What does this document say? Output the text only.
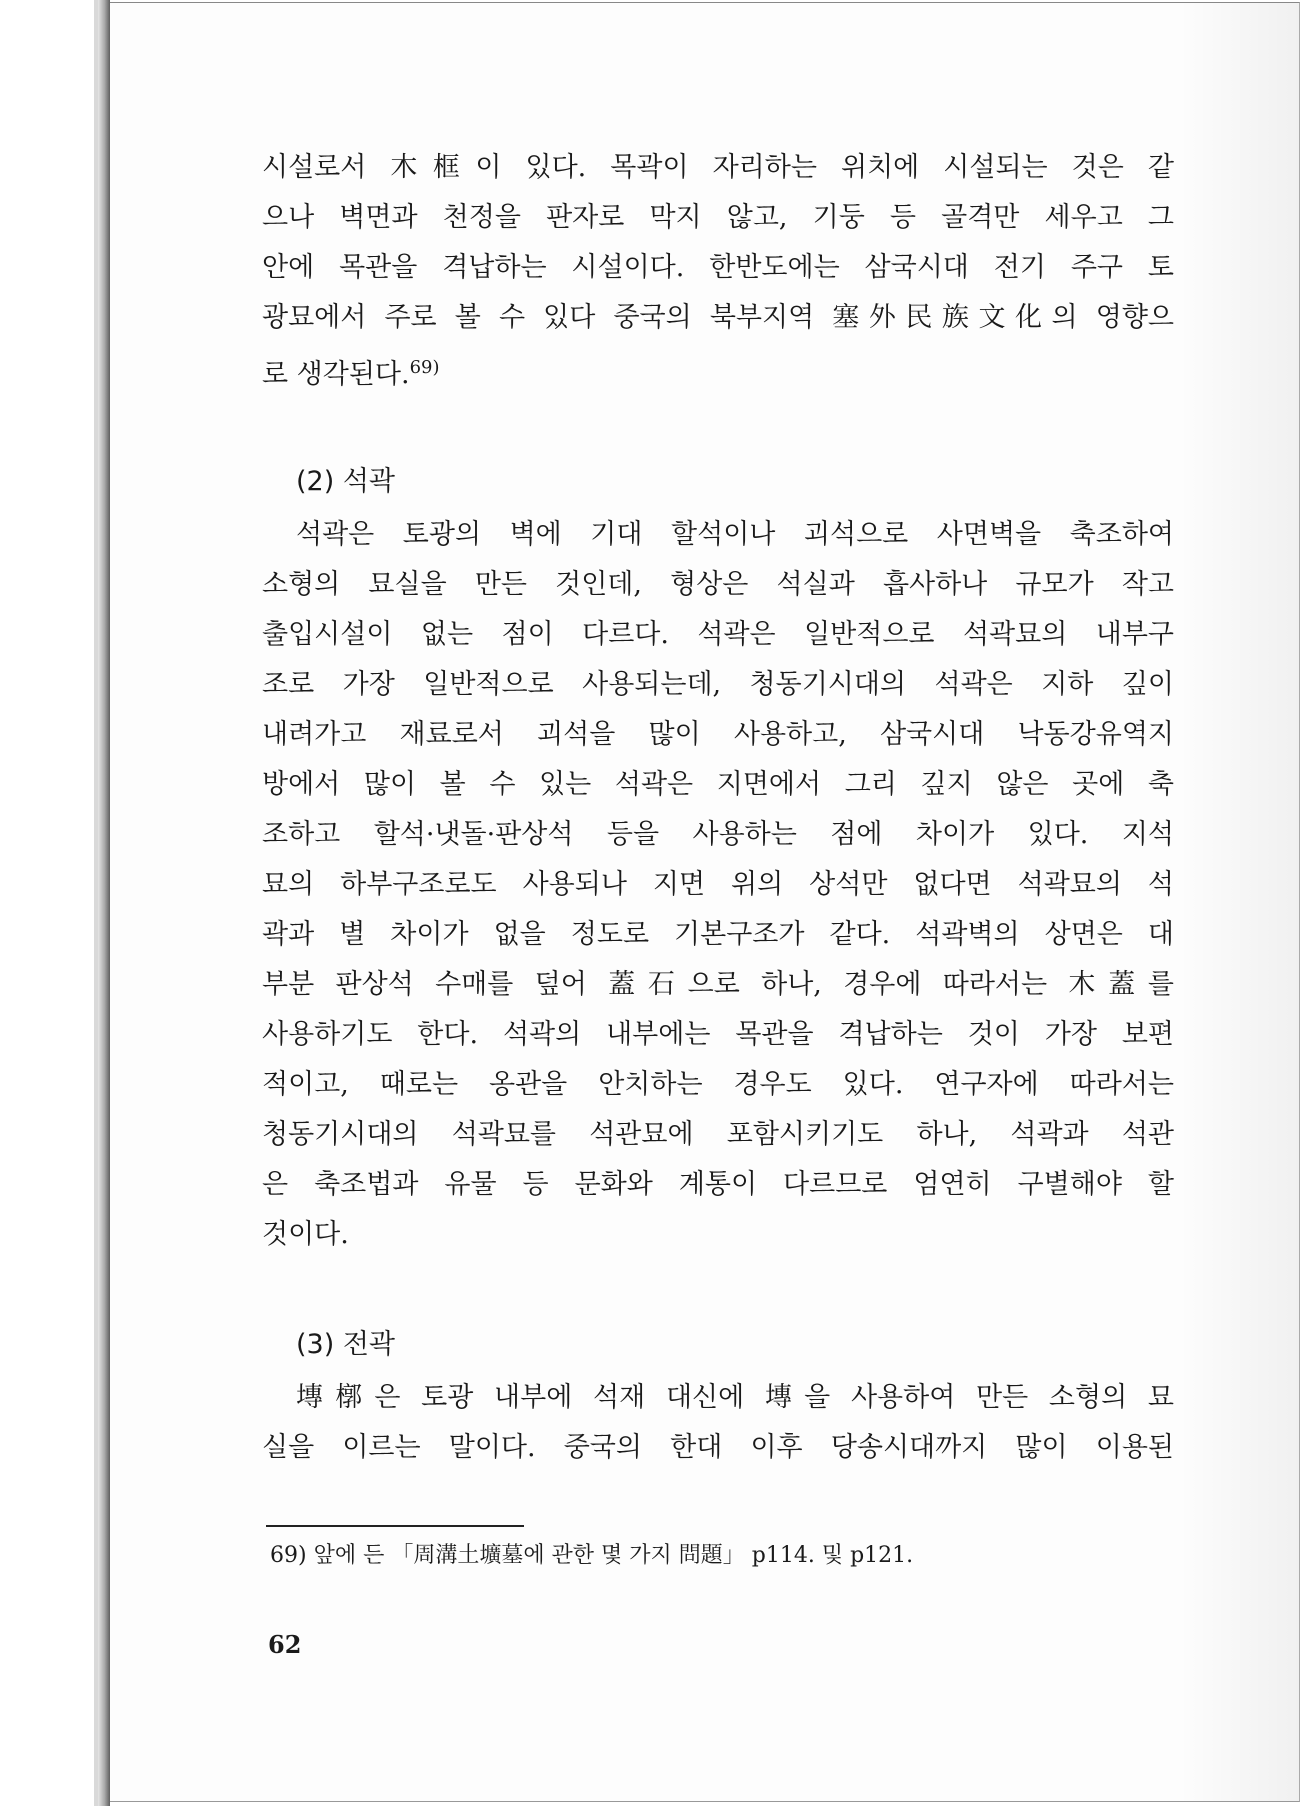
시설로서 木框이 있다. 목곽이 자리하는 위치에 시설되는 것은 같

으나 벽면과 천정을 판자로 막지 않고, 기둥 등 골격만 세우고 그

안에 목관을 격납하는 시설이다. 한반도에는 삼국시대 전기 주구 토

광묘에서 주로 볼 수 있다 중국의 북부지역 塞外民族文化의 영향으

로 생각된다.$^{69)}$

(2) 석곽

석곽은 토광의 벽에 기대 할석이나 괴석으로 사면벽을 축조하여

소형의 묘실을 만든 것인데, 형상은 석실과 흡사하나 규모가 작고

출입시설이 없는 점이 다르다. 석곽은 일반적으로 석곽묘의 내부구

조로 가장 일반적으로 사용되는데, 청동기시대의 석곽은 지하 깊이

내려가고 재료로서 괴석을 많이 사용하고, 삼국시대 낙동강유역지

방에서 많이 볼 수 있는 석곽은 지면에서 그리 깊지 않은 곳에 축

조하고 할석·냇돌·판상석 등을 사용하는 점에 차이가 있다. 지석

묘의 하부구조로도 사용되나 지면 위의 상석만 없다면 석곽묘의 석

곽과 별 차이가 없을 정도로 기본구조가 같다. 석곽벽의 상면은 대

부분 판상석 수매를 덮어 蓋石으로 하나, 경우에 따라서는 木蓋를

사용하기도 한다. 석곽의 내부에는 목관을 격납하는 것이 가장 보편

적이고, 때로는 옹관을 안치하는 경우도 있다. 연구자에 따라서는

청동기시대의 석곽묘를 석관묘에 포함시키기도 하나, 석곽과 석관

은 축조법과 유물 등 문화와 계통이 다르므로 엄연히 구별해야 할

것이다.

(3) 전곽

塼槨은 토광 내부에 석재 대신에 塼을 사용하여 만든 소형의 묘

실을 이르는 말이다. 중국의 한대 이후 당송시대까지 많이 이용된

69) 앞에 든 「周溝土壙墓에 관한 몇 가지 問題」 p114. 및 p121.
62
